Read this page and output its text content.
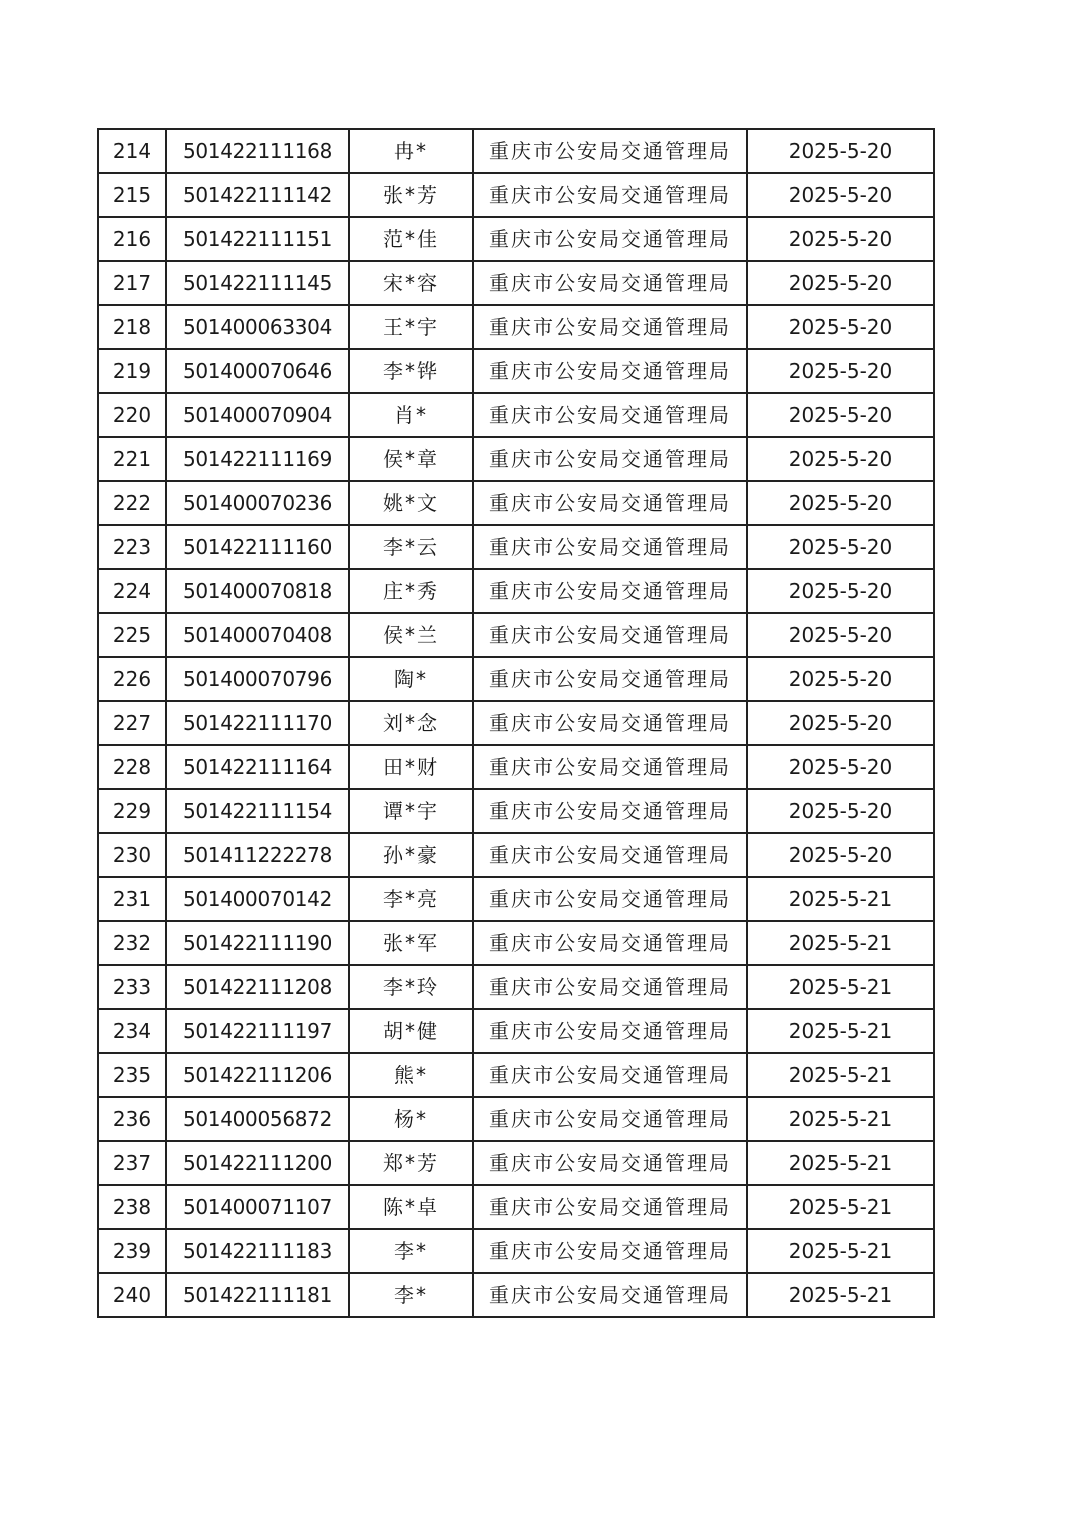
214	501422111168	冉*	重庆市公安局交通管理局	2025-5-20
215	501422111142	张*芳	重庆市公安局交通管理局	2025-5-20
216	501422111151	范*佳	重庆市公安局交通管理局	2025-5-20
217	501422111145	宋*容	重庆市公安局交通管理局	2025-5-20
218	501400063304	王*宇	重庆市公安局交通管理局	2025-5-20
219	501400070646	李*铧	重庆市公安局交通管理局	2025-5-20
220	501400070904	肖*	重庆市公安局交通管理局	2025-5-20
221	501422111169	侯*章	重庆市公安局交通管理局	2025-5-20
222	501400070236	姚*文	重庆市公安局交通管理局	2025-5-20
223	501422111160	李*云	重庆市公安局交通管理局	2025-5-20
224	501400070818	庄*秀	重庆市公安局交通管理局	2025-5-20
225	501400070408	侯*兰	重庆市公安局交通管理局	2025-5-20
226	501400070796	陶*	重庆市公安局交通管理局	2025-5-20
227	501422111170	刘*念	重庆市公安局交通管理局	2025-5-20
228	501422111164	田*财	重庆市公安局交通管理局	2025-5-20
229	501422111154	谭*宇	重庆市公安局交通管理局	2025-5-20
230	501411222278	孙*豪	重庆市公安局交通管理局	2025-5-20
231	501400070142	李*亮	重庆市公安局交通管理局	2025-5-21
232	501422111190	张*军	重庆市公安局交通管理局	2025-5-21
233	501422111208	李*玲	重庆市公安局交通管理局	2025-5-21
234	501422111197	胡*健	重庆市公安局交通管理局	2025-5-21
235	501422111206	熊*	重庆市公安局交通管理局	2025-5-21
236	501400056872	杨*	重庆市公安局交通管理局	2025-5-21
237	501422111200	郑*芳	重庆市公安局交通管理局	2025-5-21
238	501400071107	陈*卓	重庆市公安局交通管理局	2025-5-21
239	501422111183	李*	重庆市公安局交通管理局	2025-5-21
240	501422111181	李*	重庆市公安局交通管理局	2025-5-21
